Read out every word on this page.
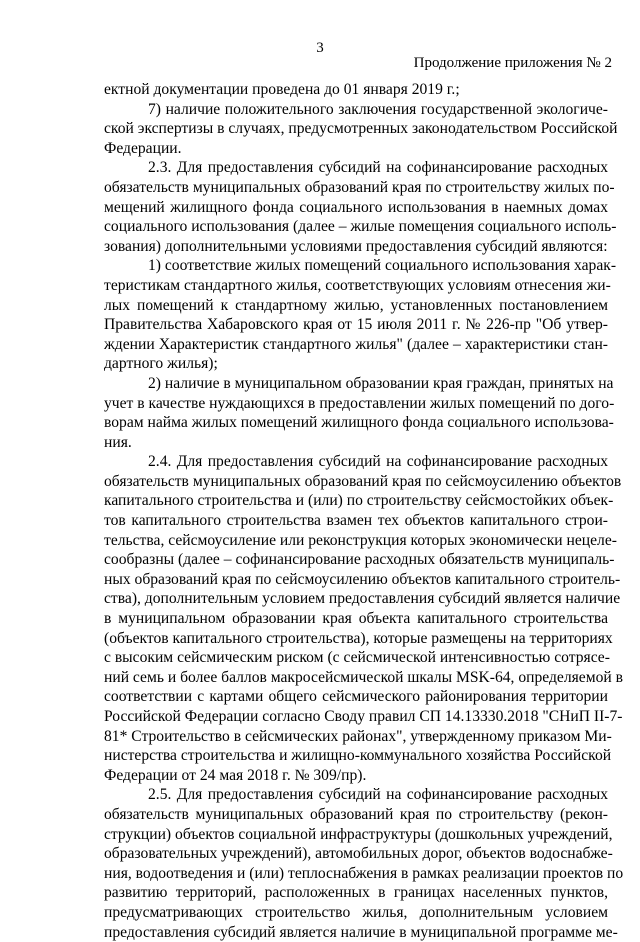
3
Продолжение приложения № 2
ектной документации проведена до 01 января 2019 г.;
7) наличие положительного заключения государственной экологиче-
ской экспертизы в случаях, предусмотренных законодательством Российской
Федерации.
2.3. Для предоставления субсидий на софинансирование расходных
обязательств муниципальных образований края по строительству жилых по-
мещений жилищного фонда социального использования в наемных домах
социального использования (далее – жилые помещения социального исполь-
зования) дополнительными условиями предоставления субсидий являются:
1) соответствие жилых помещений социального использования харак-
теристикам стандартного жилья, соответствующих условиям отнесения жи-
лых помещений к стандартному жилью, установленных постановлением
Правительства Хабаровского края от 15 июля 2011 г. № 226-пр "Об утвер-
ждении Характеристик стандартного жилья" (далее – характеристики стан-
дартного жилья);
2) наличие в муниципальном образовании края граждан, принятых на
учет в качестве нуждающихся в предоставлении жилых помещений по дого-
ворам найма жилых помещений жилищного фонда социального использова-
ния.
2.4. Для предоставления субсидий на софинансирование расходных
обязательств муниципальных образований края по сейсмоусилению объектов
капитального строительства и (или) по строительству сейсмостойких объек-
тов капитального строительства взамен тех объектов капитального строи-
тельства, сейсмоусиление или реконструкция которых экономически нецеле-
сообразны (далее – софинансирование расходных обязательств муниципаль-
ных образований края по сейсмоусилению объектов капитального строитель-
ства), дополнительным условием предоставления субсидий является наличие
в муниципальном образовании края объекта капитального строительства
(объектов капитального строительства), которые размещены на территориях
с высоким сейсмическим риском (с сейсмической интенсивностью сотрясе-
ний семь и более баллов макросейсмической шкалы MSK-64, определяемой в
соответствии с картами общего сейсмического районирования территории
Российской Федерации согласно Своду правил СП 14.13330.2018 "СНиП II-7-
81* Строительство в сейсмических районах", утвержденному приказом Ми-
нистерства строительства и жилищно-коммунального хозяйства Российской
Федерации от 24 мая 2018 г. № 309/пр).
2.5. Для предоставления субсидий на софинансирование расходных
обязательств муниципальных образований края по строительству (рекон-
струкции) объектов социальной инфраструктуры (дошкольных учреждений,
образовательных учреждений), автомобильных дорог, объектов водоснабже-
ния, водоотведения и (или) теплоснабжения в рамках реализации проектов по
развитию территорий, расположенных в границах населенных пунктов,
предусматривающих строительство жилья, дополнительным условием
предоставления субсидий является наличие в муниципальной программе ме-
